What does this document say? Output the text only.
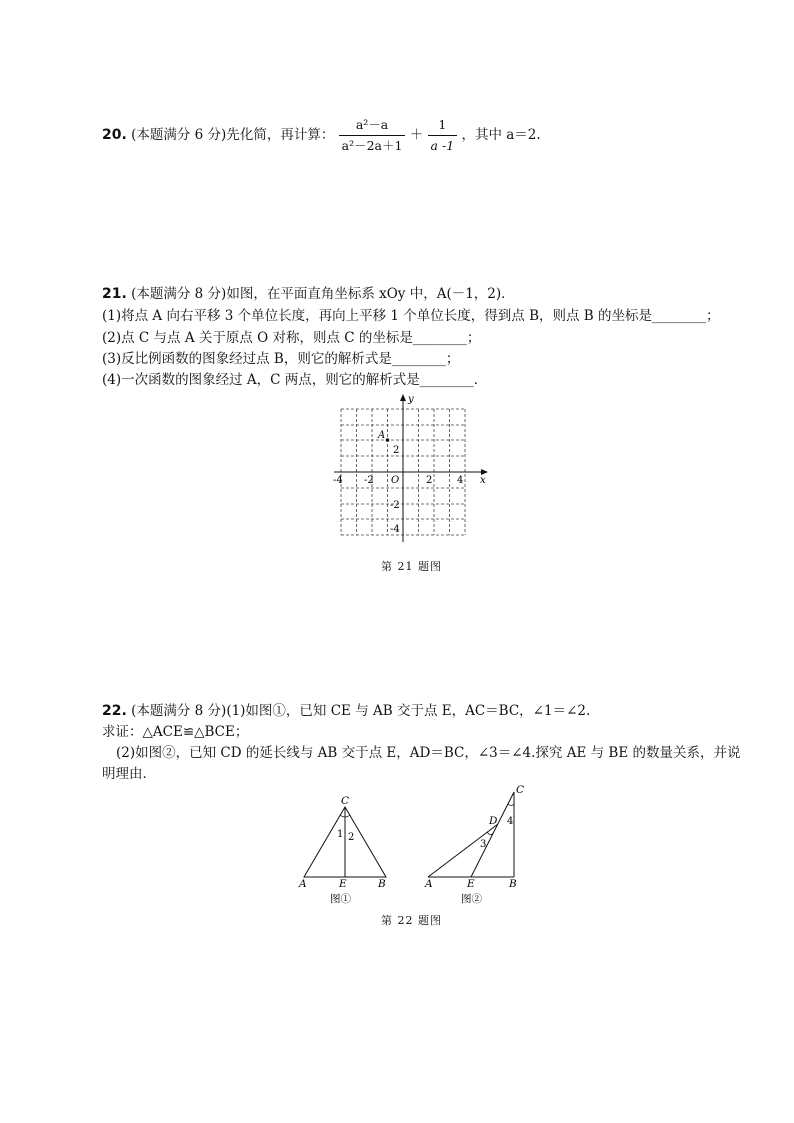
20. (本题满分 6 分)先化简，再计算： $\frac{\text{a²－a}}{\text{a²－2a＋1}} + \frac{1}{a -1}$ ，其中 a＝2.
21. (本题满分 8 分)如图，在平面直角坐标系 xOy 中，A(－1，2)．
(1)将点 A 向右平移 3 个单位长度，再向上平移 1 个单位长度，得到点 B，则点 B 的坐标是________；
(2)点 C 与点 A 关于原点 O 对称，则点 C 的坐标是________；
(3)反比例函数的图象经过点 B，则它的解析式是________；
(4)一次函数的图象经过 A，C 两点，则它的解析式是________．
x
y
O
-4 -2	2 4
2
-2
-4
A
第 21 题图
22. (本题满分 8 分)(1)如图①，已知 CE 与 AB 交于点 E，AC＝BC，∠1＝∠2.
求证：△ACE≌△BCE；
(2)如图②，已知 CD 的延长线与 AB 交于点 E，AD＝BC，∠3＝∠4.探究 AE 与 BE 的数量关系，并说
明理由．
C
1 2
A	E	B
图①
C
D 4
3
A	E	B
图②
第 22 题图
